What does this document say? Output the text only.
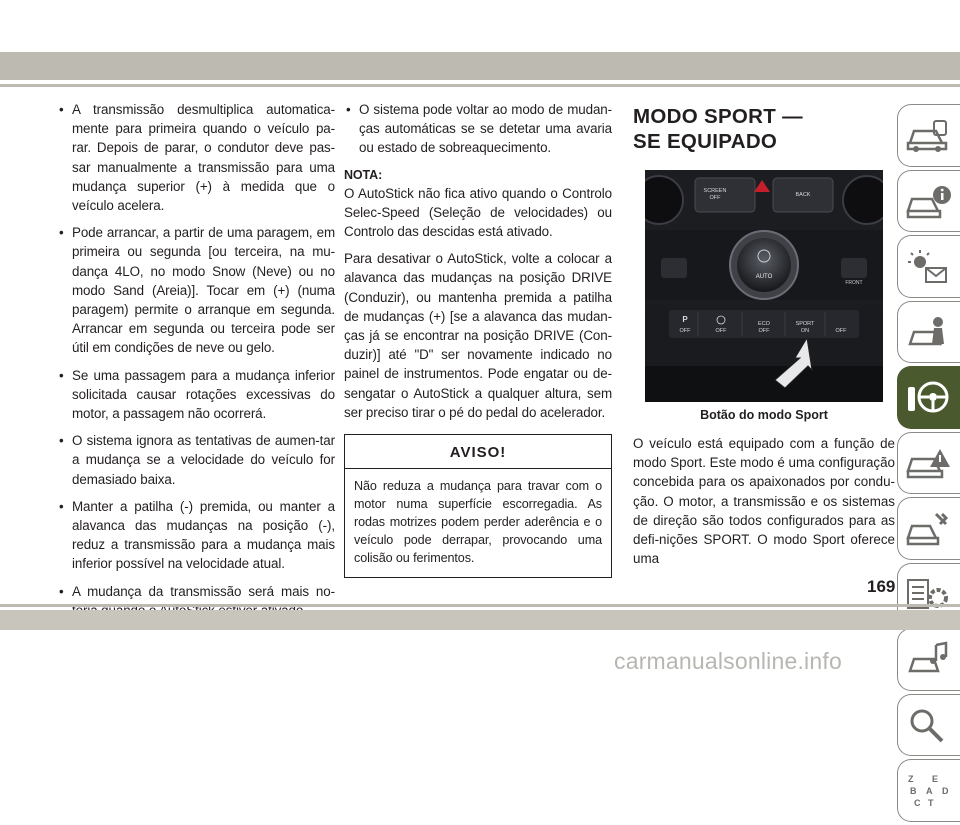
• A transmissão desmultiplica automatica-mente para primeira quando o veículo pa-rar. Depois de parar, o condutor deve pas-sar manualmente a transmissão para uma mudança superior (+) à medida que o veículo acelera.
• Pode arrancar, a partir de uma paragem, em primeira ou segunda [ou terceira, na mu-dança 4LO, no modo Snow (Neve) ou no modo Sand (Areia)]. Tocar em (+) (numa paragem) permite o arranque em segunda. Arrancar em segunda ou terceira pode ser útil em condições de neve ou gelo.
• Se uma passagem para a mudança inferior solicitada causar rotações excessivas do motor, a passagem não ocorrerá.
• O sistema ignora as tentativas de aumen-tar a mudança se a velocidade do veículo for demasiado baixa.
• Manter a patilha (-) premida, ou manter a alavanca das mudanças na posição (-), reduz a transmissão para a mudança mais inferior possível na velocidade atual.
• A mudança da transmissão será mais no-
• O sistema pode voltar ao modo de mudan-ças automáticas se se detetar uma avaria ou estado de sobreaquecimento.

NOTA:

O AutoStick não fica ativo quando o Controlo Selec-Speed (Seleção de velocidades) ou Controlo das descidas está ativado.

Para desativar o AutoStick, volte a colocar a alavanca das mudanças na posição DRIVE (Conduzir), ou mantenha premida a patilha de mudanças (+) [se a alavanca das mudan-ças já se encontrar na posição DRIVE (Con-duzir)] até "D" ser novamente indicado no painel de instrumentos. Pode engatar ou de-sengatar o AutoStick a qualquer altura, sem ser preciso tirar o pé do pedal do acelerador.

AVISO!

Não reduza a mudança para travar com o motor numa superfície escorregadia. As rodas motrizes podem perder aderência e o veículo pode derrapar, provocando uma colisão ou ferimentos.

MODO SPORT —
SE EQUIPADO
SCREEN
OFF	BACK
AUTO
FRONT
OFF	OFF
ECO
OFF
SPORT
ON	OFF
P
Botão do modo Sport

O veículo está equipado com a função de modo Sport. Este modo é uma configuração concebida para os apaixonados por condu-ção. O motor, a transmissão e os sistemas de direção são todos configurados para as defi-nições SPORT. O modo Sport oferece uma

Z E
B A D
C T
169
carmanualsonline.info
